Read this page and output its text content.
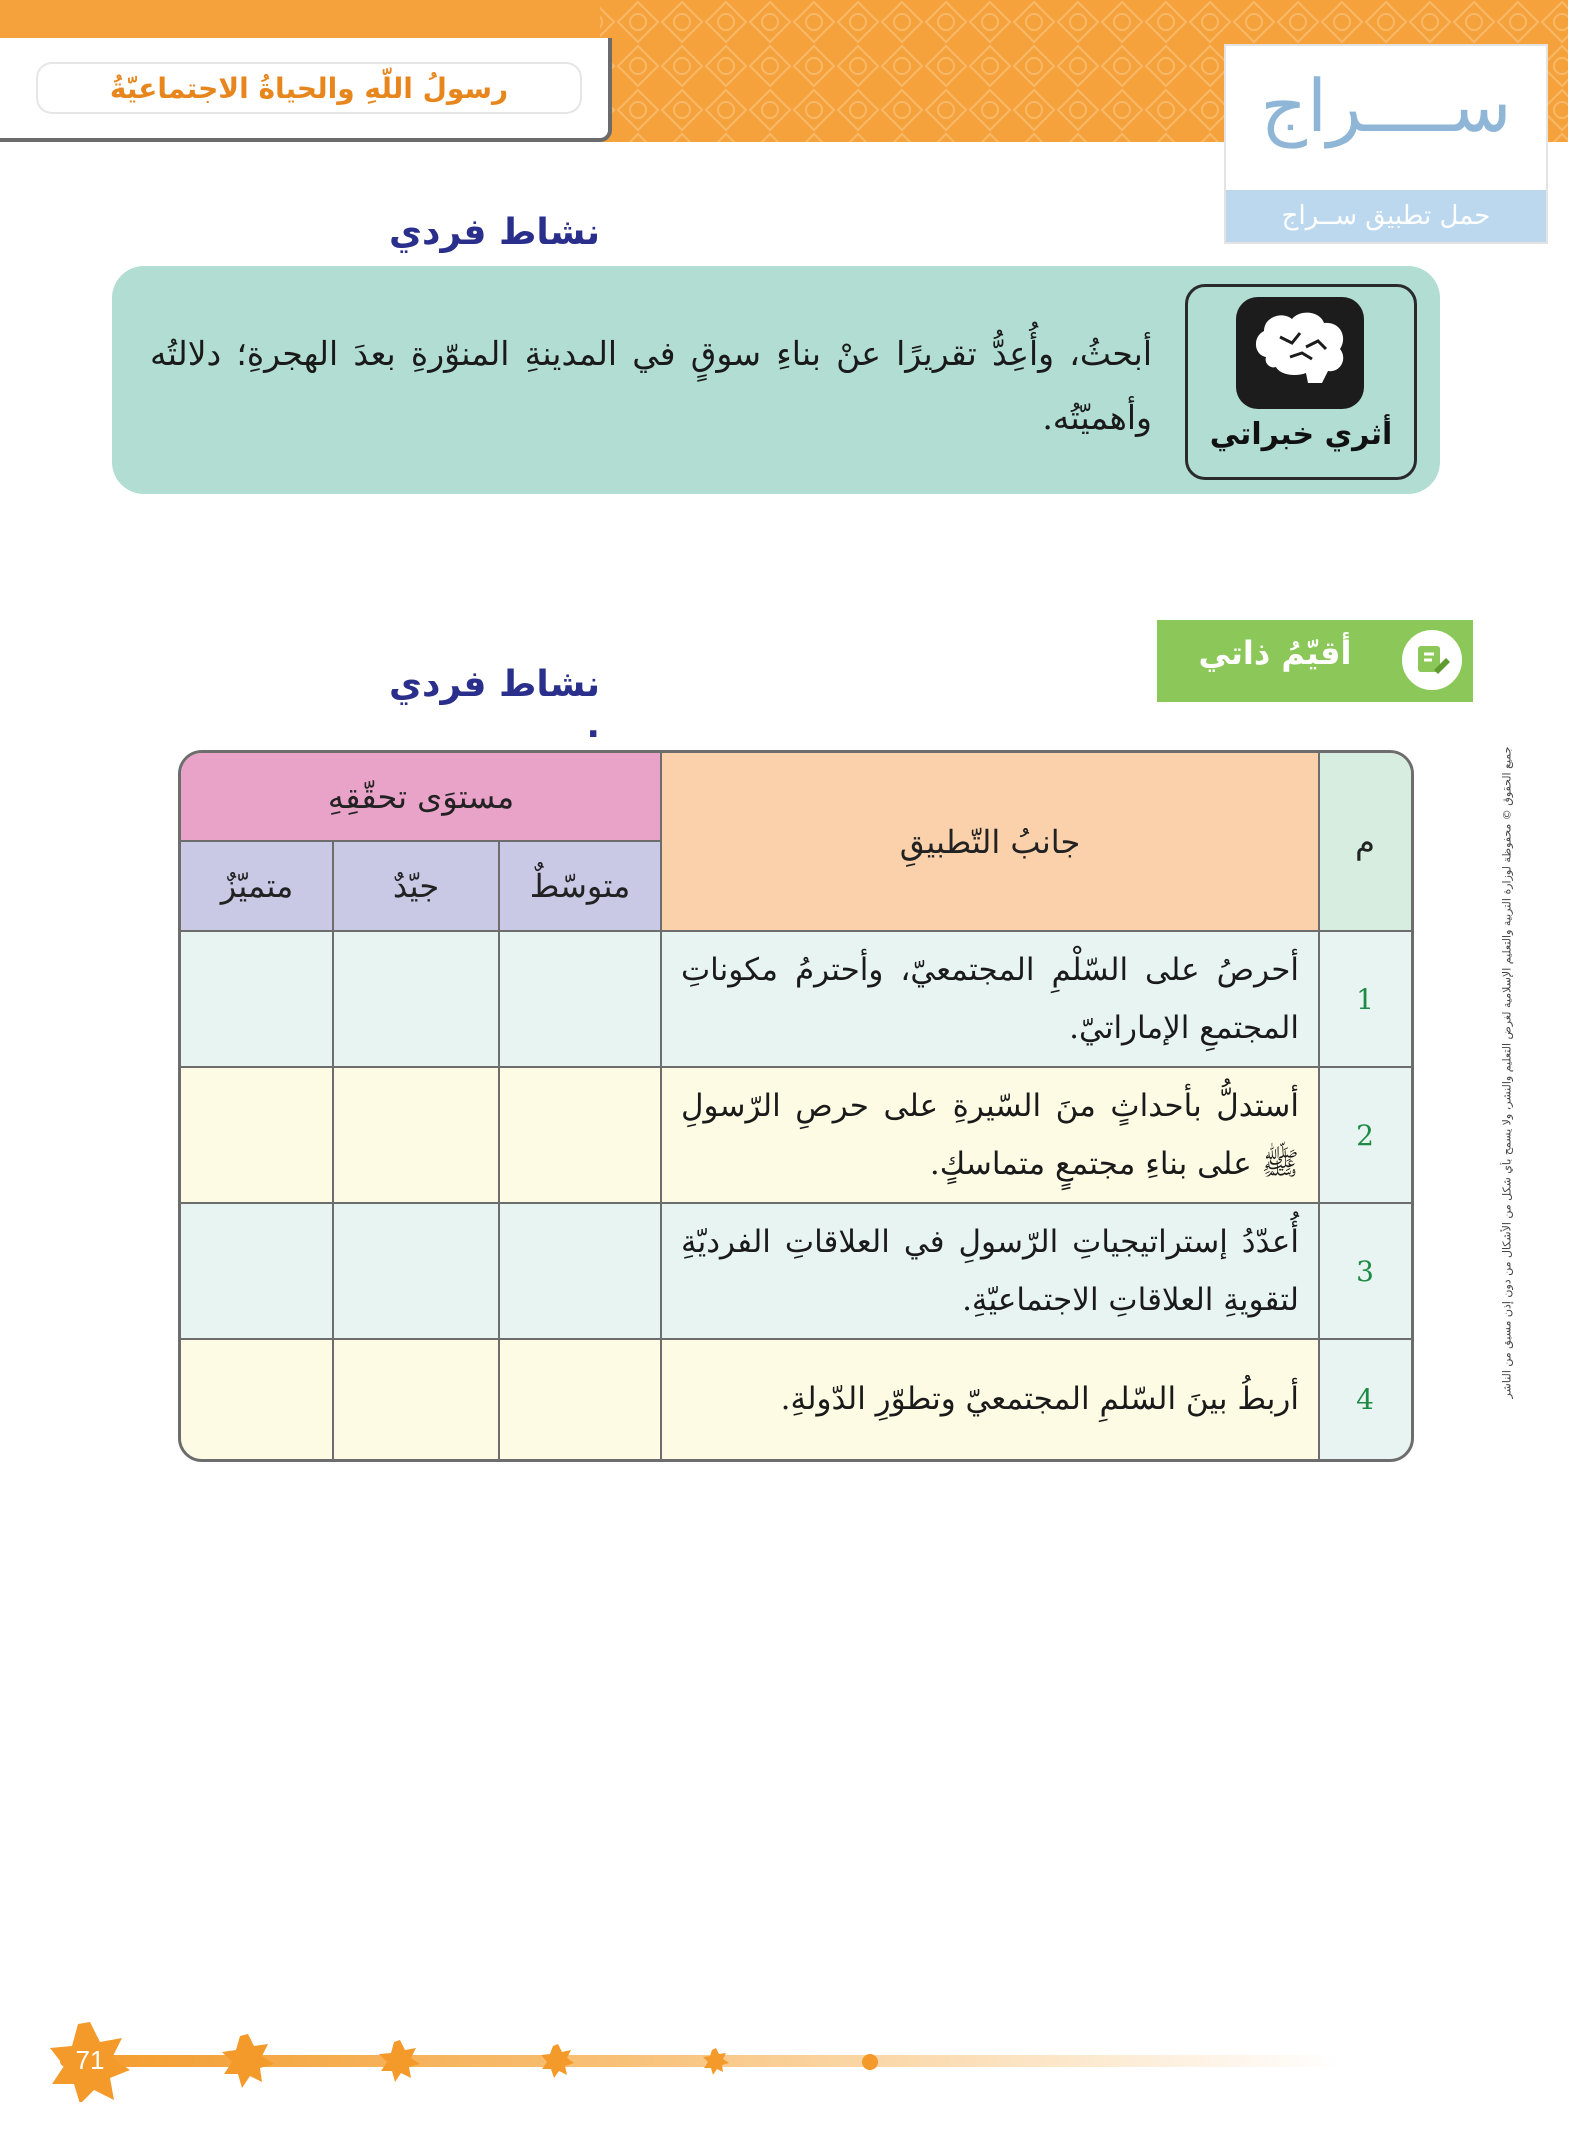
رسولُ اللّهِ والحياةُ الاجتماعيّةُ	ســــراج
حمل تطبيق ســراج
نشاط فردي
أثري خبراتي
أبحثُ، وأُعِدُّ تقريرًا عنْ بناءِ سوقٍ في المدينةِ المنوّرةِ بعدَ الهجرةِ؛ دلالتُه وأهميّتُه.
جميع الحقوق © محفوظة لوزارة التربية والتعليم الإسلامية لغرض التعليم والنشر، ولا يسمح بأي شكل من الأشكال من دون إذن مسبق من الناشر
أقيّمُ ذاتي
نشاط فردي .
م
جانبُ التّطبيقِ
مستوَى تحقّقِهِ
متوسّطٌ
جيّدٌ
متميّزٌ
1
أحرصُ على السّلْمِ المجتمعيّ، وأحترمُ مكوناتِ المجتمعِ الإماراتيّ.
2
أستدلُّ بأحداثٍ منَ السّيرةِ على حرصِ الرّسولِ ﷺ على بناءِ مجتمعٍ متماسكٍ.
3
أُعدّدُ إستراتيجياتِ الرّسولِ في العلاقاتِ الفرديّةِ لتقويةِ العلاقاتِ الاجتماعيّةِ.
4
أربطُ بينَ السّلمِ المجتمعيّ وتطوّرِ الدّولةِ.
71
